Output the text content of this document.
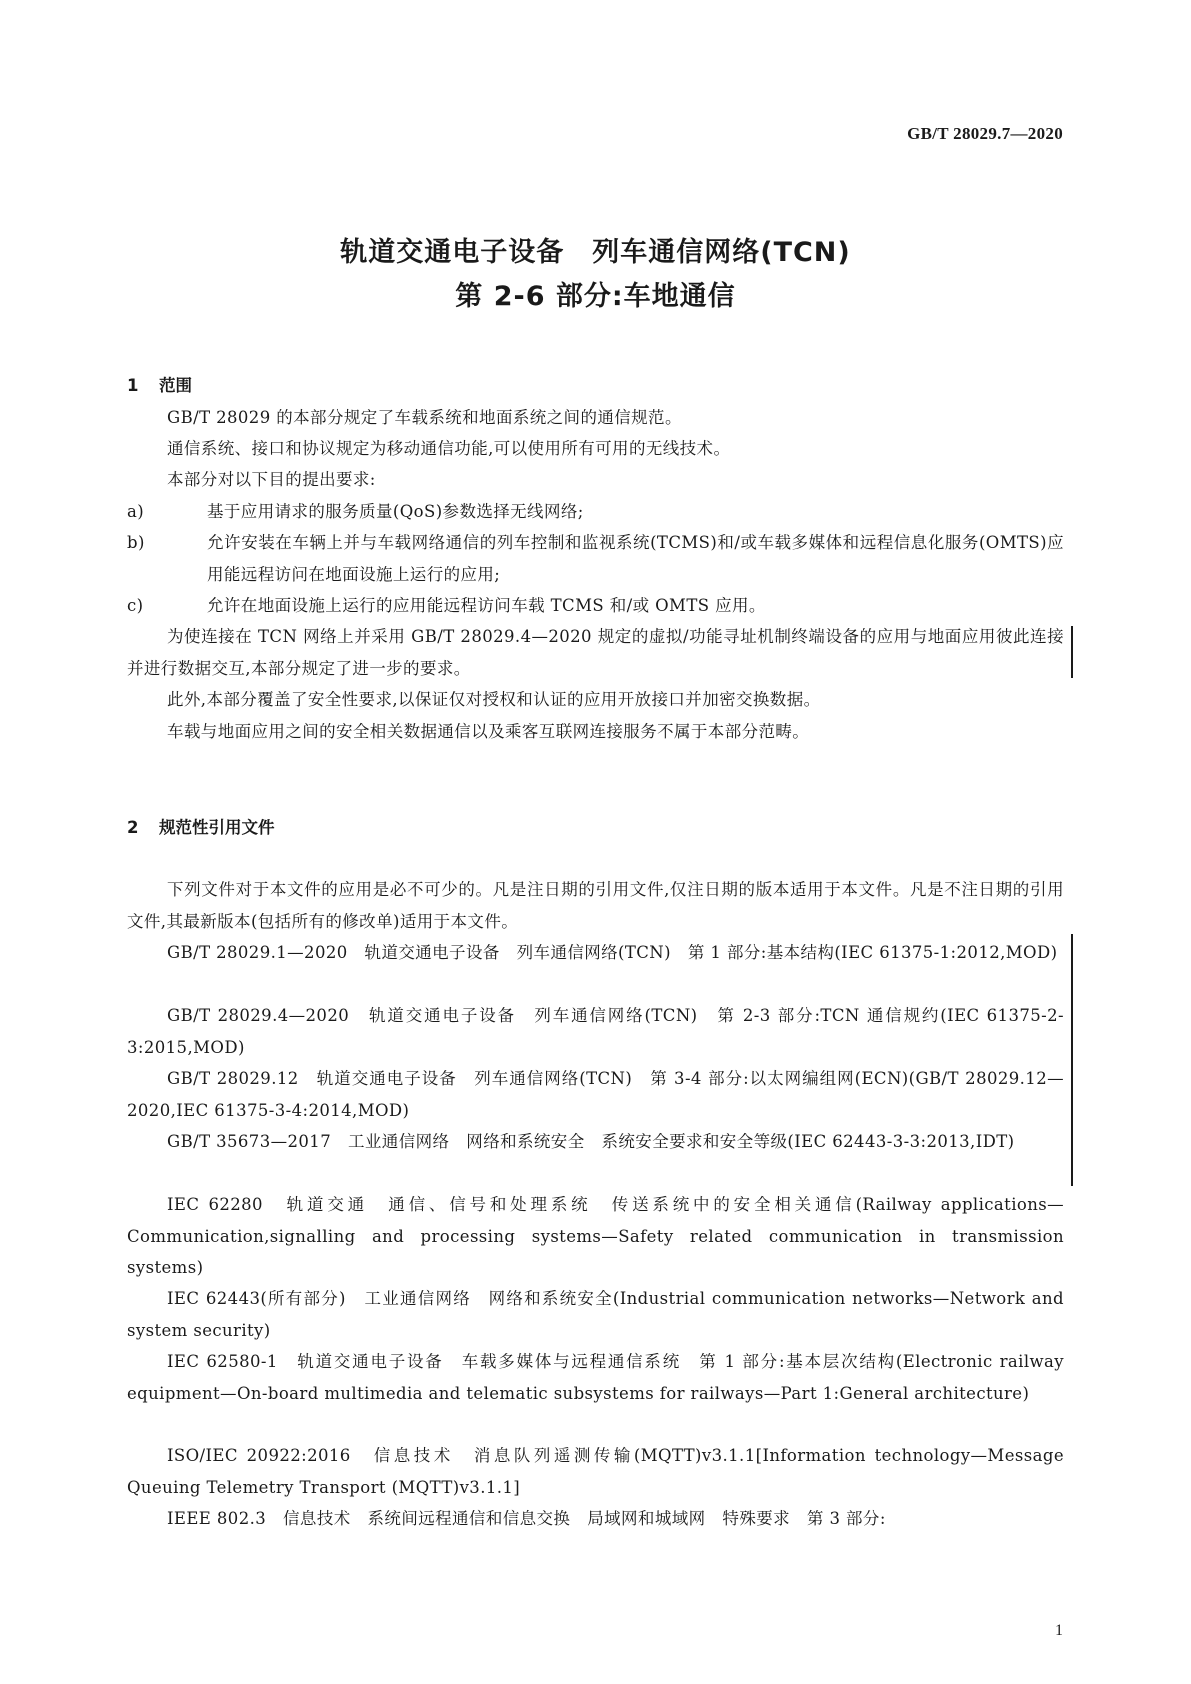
GB/T 28029.7—2020
轨道交通电子设备　列车通信网络(TCN)
第 2-6 部分:车地通信
1 范围
GB/T 28029 的本部分规定了车载系统和地面系统之间的通信规范。
通信系统、接口和协议规定为移动通信功能,可以使用所有可用的无线技术。
本部分对以下目的提出要求:
a)	基于应用请求的服务质量(QoS)参数选择无线网络;
b)	允许安装在车辆上并与车载网络通信的列车控制和监视系统(TCMS)和/或车载多媒体和远程信息化服务(OMTS)应用能远程访问在地面设施上运行的应用;
c)	允许在地面设施上运行的应用能远程访问车载 TCMS 和/或 OMTS 应用。
为使连接在 TCN 网络上并采用 GB/T 28029.4—2020 规定的虚拟/功能寻址机制终端设备的应用与地面应用彼此连接并进行数据交互,本部分规定了进一步的要求。
此外,本部分覆盖了安全性要求,以保证仅对授权和认证的应用开放接口并加密交换数据。
车载与地面应用之间的安全相关数据通信以及乘客互联网连接服务不属于本部分范畴。
2 规范性引用文件
下列文件对于本文件的应用是必不可少的。凡是注日期的引用文件,仅注日期的版本适用于本文件。凡是不注日期的引用文件,其最新版本(包括所有的修改单)适用于本文件。
GB/T 28029.1—2020　轨道交通电子设备　列车通信网络(TCN)　第 1 部分:基本结构(IEC 61375-1:2012,MOD)
GB/T 28029.4—2020　轨道交通电子设备　列车通信网络(TCN)　第 2-3 部分:TCN 通信规约(IEC 61375-2-3:2015,MOD)
GB/T 28029.12　轨道交通电子设备　列车通信网络(TCN)　第 3-4 部分:以太网编组网(ECN)(GB/T 28029.12—2020,IEC 61375-3-4:2014,MOD)
GB/T 35673—2017　工业通信网络　网络和系统安全　系统安全要求和安全等级(IEC 62443-3-3:2013,IDT)
IEC 62280　轨道交通　通信、信号和处理系统　传送系统中的安全相关通信(Railway applications—Communication,signalling and processing systems—Safety related communication in transmission systems)
IEC 62443(所有部分)　工业通信网络　网络和系统安全(Industrial communication networks—Network and system security)
IEC 62580-1　轨道交通电子设备　车载多媒体与远程通信系统　第 1 部分:基本层次结构(Electronic railway equipment—On-board multimedia and telematic subsystems for railways—Part 1:General architecture)
ISO/IEC 20922:2016　信息技术　消息队列遥测传输(MQTT)v3.1.1[Information technology—Message Queuing Telemetry Transport (MQTT)v3.1.1]
IEEE 802.3　信息技术　系统间远程通信和信息交换　局域网和城域网　特殊要求　第 3 部分:
1
